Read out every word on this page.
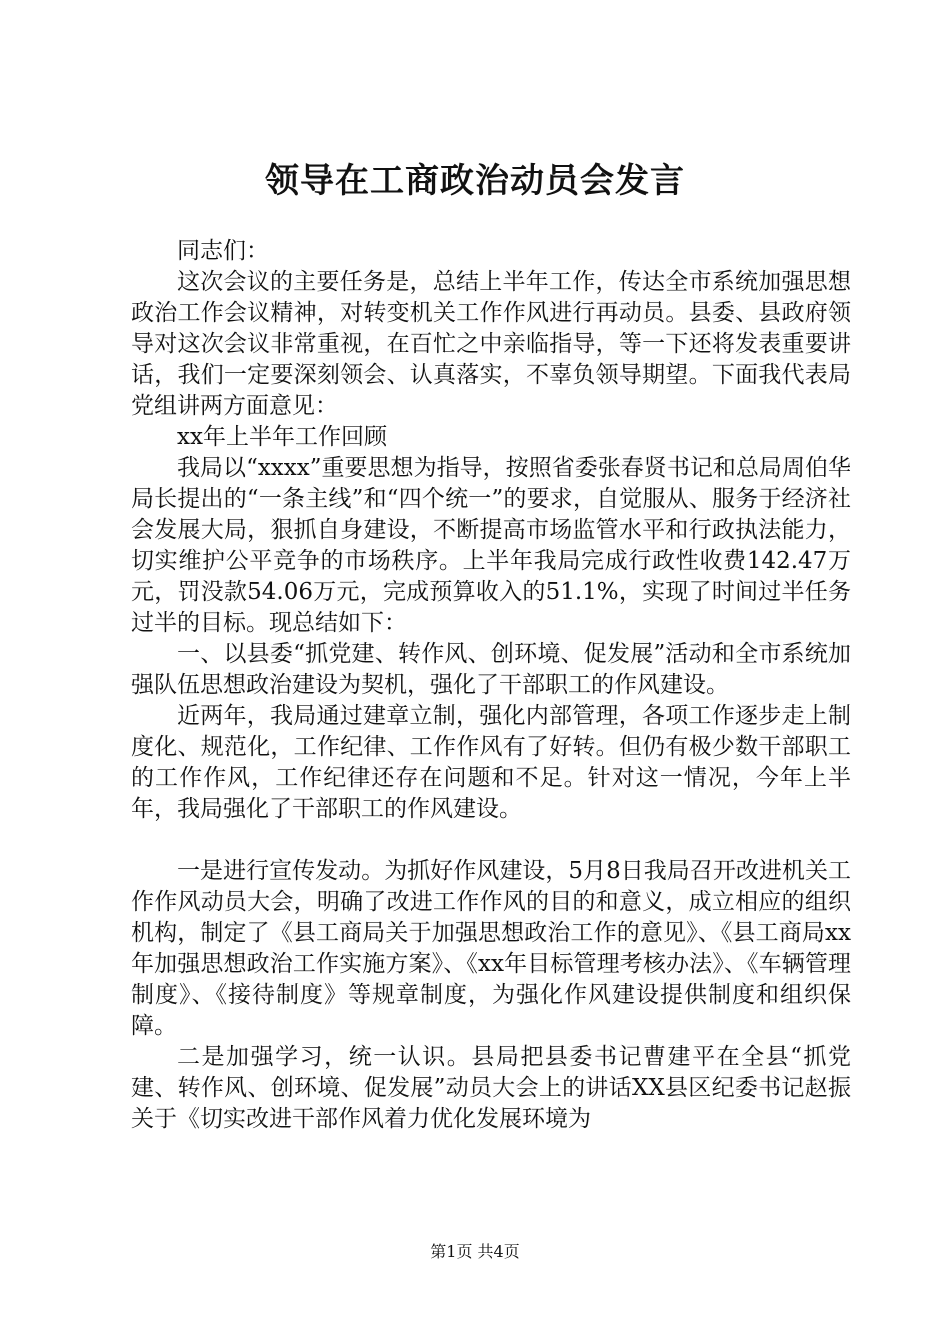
领导在工商政治动员会发言

同志们：

这次会议的主要任务是，总结上半年工作，传达全市系统加强思想政治工作会议精神，对转变机关工作作风进行再动员。县委、县政府领导对这次会议非常重视，在百忙之中亲临指导，等一下还将发表重要讲话，我们一定要深刻领会、认真落实，不辜负领导期望。下面我代表局党组讲两方面意见：

xx年上半年工作回顾

我局以“xxxx”重要思想为指导，按照省委张春贤书记和总局周伯华局长提出的“一条主线”和“四个统一”的要求，自觉服从、服务于经济社会发展大局，狠抓自身建设，不断提高市场监管水平和行政执法能力，切实维护公平竞争的市场秩序。上半年我局完成行政性收费142.47万元，罚没款54.06万元，完成预算收入的51.1%，实现了时间过半任务过半的目标。现总结如下：

一、以县委“抓党建、转作风、创环境、促发展”活动和全市系统加强队伍思想政治建设为契机，强化了干部职工的作风建设。

近两年，我局通过建章立制，强化内部管理，各项工作逐步走上制度化、规范化，工作纪律、工作作风有了好转。但仍有极少数干部职工的工作作风，工作纪律还存在问题和不足。针对这一情况，今年上半年，我局强化了干部职工的作风建设。

一是进行宣传发动。为抓好作风建设，5月8日我局召开改进机关工作作风动员大会，明确了改进工作作风的目的和意义，成立相应的组织机构，制定了《县工商局关于加强思想政治工作的意见》、《县工商局xx年加强思想政治工作实施方案》、《xx年目标管理考核办法》、《车辆管理制度》、《接待制度》等规章制度，为强化作风建设提供制度和组织保障。

二是加强学习，统一认识。县局把县委书记曹建平在全县“抓党建、转作风、创环境、促发展”动员大会上的讲话XX县区纪委书记赵振关于《切实改进干部作风着力优化发展环境为

第1页 共4页
